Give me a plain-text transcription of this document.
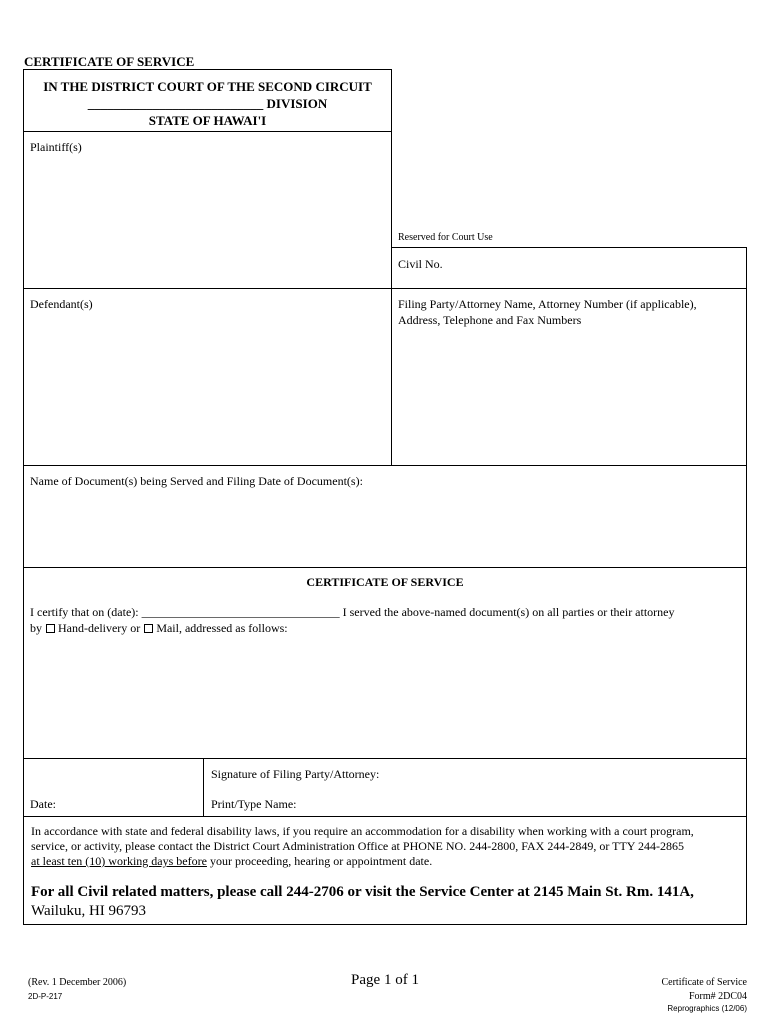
CERTIFICATE OF SERVICE
IN THE DISTRICT COURT OF THE SECOND CIRCUIT
___________________________ DIVISION
STATE OF HAWAI'I
Plaintiff(s)
Reserved for Court Use
Civil No.
Defendant(s)	Filing Party/Attorney Name, Attorney Number (if applicable),
Address, Telephone and Fax Numbers
Name of Document(s) being Served and Filing Date of Document(s):
CERTIFICATE OF SERVICE
I certify that on (date): _________________________________ I served the above-named document(s) on all parties or their attorney
by Hand-delivery or Mail, addressed as follows:
Signature of Filing Party/Attorney:
Date:	Print/Type Name:
In accordance with state and federal disability laws, if you require an accommodation for a disability when working with a court program,
service, or activity, please contact the District Court Administration Office at PHONE NO. 244-2800, FAX 244-2849, or TTY 244-2865
at least ten (10) working days before your proceeding, hearing or appointment date.
For all Civil related matters, please call 244-2706 or visit the Service Center at 2145 Main St. Rm. 141A,
Wailuku, HI 96793
(Rev. 1 December 2006)
2D-P-217
Page 1 of 1	Certificate of Service
Form# 2DC04
Reprographics (12/06)
